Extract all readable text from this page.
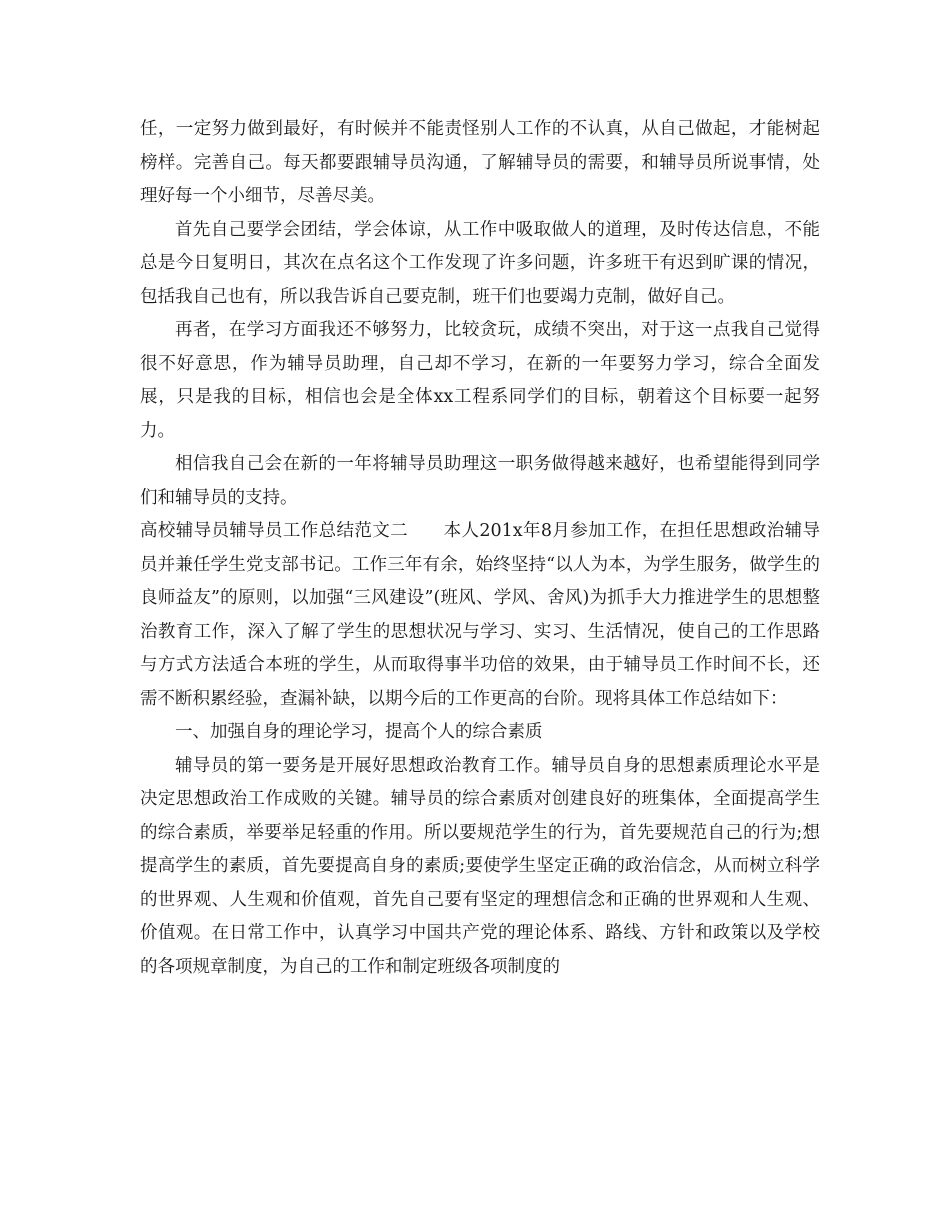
任，一定努力做到最好，有时候并不能责怪别人工作的不认真，从自己做起，才能树起榜样。完善自己。每天都要跟辅导员沟通，了解辅导员的需要，和辅导员所说事情，处理好每一个小细节，尽善尽美。

首先自己要学会团结，学会体谅，从工作中吸取做人的道理，及时传达信息，不能总是今日复明日，其次在点名这个工作发现了许多问题，许多班干有迟到旷课的情况，包括我自己也有，所以我告诉自己要克制，班干们也要竭力克制，做好自己。

再者，在学习方面我还不够努力，比较贪玩，成绩不突出，对于这一点我自己觉得很不好意思，作为辅导员助理，自己却不学习，在新的一年要努力学习，综合全面发展，只是我的目标，相信也会是全体xx工程系同学们的目标，朝着这个目标要一起努力。

相信我自己会在新的一年将辅导员助理这一职务做得越来越好，也希望能得到同学们和辅导员的支持。

高校辅导员辅导员工作总结范文二　　本人201x年8月参加工作，在担任思想政治辅导员并兼任学生党支部书记。工作三年有余，始终坚持“以人为本，为学生服务，做学生的良师益友”的原则，以加强“三风建设”(班风、学风、舍风)为抓手大力推进学生的思想整治教育工作，深入了解了学生的思想状况与学习、实习、生活情况，使自己的工作思路与方式方法适合本班的学生，从而取得事半功倍的效果，由于辅导员工作时间不长，还需不断积累经验，查漏补缺，以期今后的工作更高的台阶。现将具体工作总结如下：

一、加强自身的理论学习，提高个人的综合素质

辅导员的第一要务是开展好思想政治教育工作。辅导员自身的思想素质理论水平是决定思想政治工作成败的关键。辅导员的综合素质对创建良好的班集体，全面提高学生的综合素质，举要举足轻重的作用。所以要规范学生的行为，首先要规范自己的行为;想提高学生的素质，首先要提高自身的素质;要使学生坚定正确的政治信念，从而树立科学的世界观、人生观和价值观，首先自己要有坚定的理想信念和正确的世界观和人生观、价值观。在日常工作中，认真学习中国共产党的理论体系、路线、方针和政策以及学校的各项规章制度，为自己的工作和制定班级各项制度的
